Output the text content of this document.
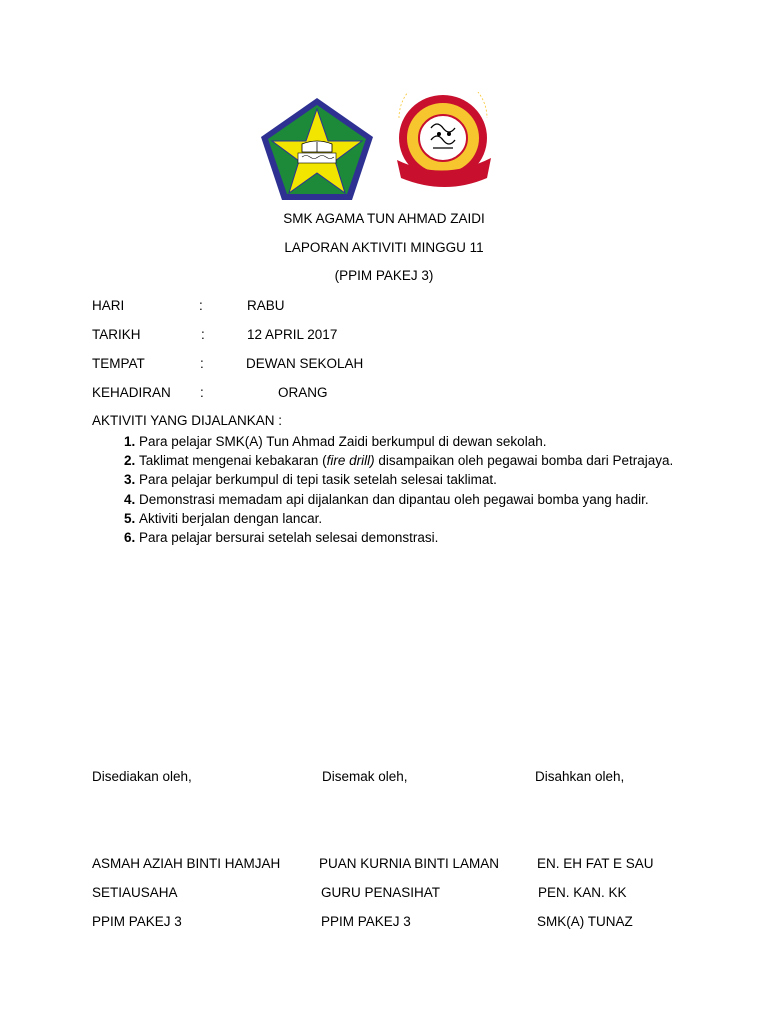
SMK AGAMA TUN AHMAD ZAIDI
LAPORAN AKTIVITI MINGGU 11
(PPIM PAKEJ 3)
HARI	:	RABU
TARIKH	:	12 APRIL 2017
TEMPAT	:	DEWAN SEKOLAH
KEHADIRAN :	ORANG
AKTIVITI YANG DIJALANKAN :
1. Para pelajar SMK(A) Tun Ahmad Zaidi berkumpul di dewan sekolah.
2. Taklimat mengenai kebakaran (fire drill) disampaikan oleh pegawai bomba dari Petrajaya.
3. Para pelajar berkumpul di tepi tasik setelah selesai taklimat.
4. Demonstrasi memadam api dijalankan dan dipantau oleh pegawai bomba yang hadir.
5. Aktiviti berjalan dengan lancar.
6. Para pelajar bersurai setelah selesai demonstrasi.
Disediakan oleh,	Disemak oleh,	Disahkan oleh,
ASMAH AZIAH BINTI HAMJAH	PUAN KURNIA BINTI LAMAN	EN. EH FAT E SAU
SETIAUSAHA	GURU PENASIHAT	PEN. KAN. KK
PPIM PAKEJ 3	PPIM PAKEJ 3	SMK(A) TUNAZ
